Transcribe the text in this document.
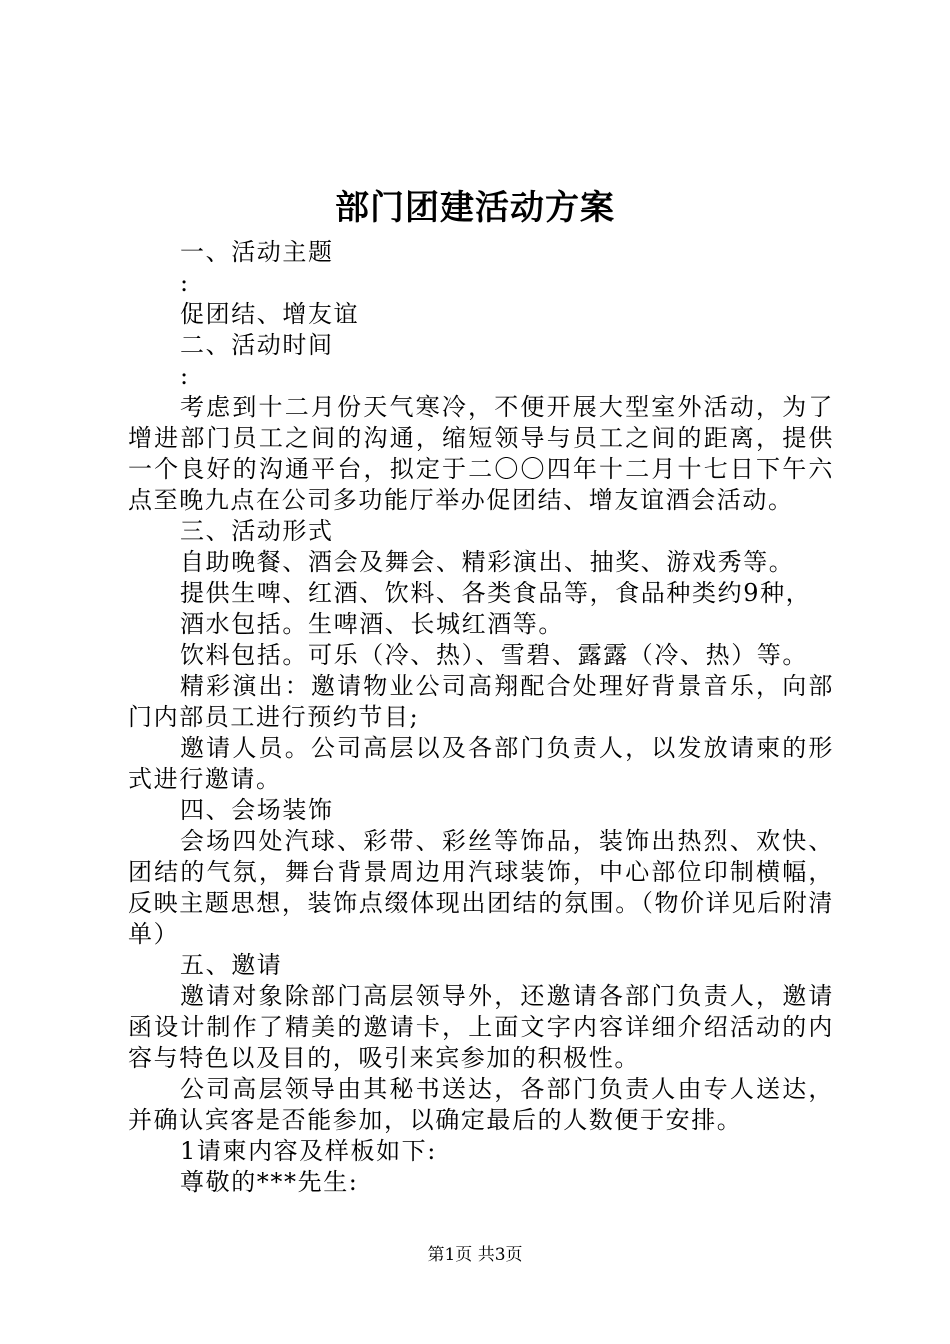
部门团建活动方案

一、活动主题

:

促团结、增友谊

二、活动时间

:

考虑到十二月份天气寒冷，不便开展大型室外活动，为了增进部门员工之间的沟通，缩短领导与员工之间的距离，提供一个良好的沟通平台，拟定于二〇〇四年十二月十七日下午六点至晚九点在公司多功能厅举办促团结、增友谊酒会活动。

三、活动形式

自助晚餐、酒会及舞会、精彩演出、抽奖、游戏秀等。

提供生啤、红酒、饮料、各类食品等，食品种类约9种，

酒水包括。生啤酒、长城红酒等。

饮料包括。可乐（冷、热）、雪碧、露露（冷、热）等。

精彩演出：邀请物业公司高翔配合处理好背景音乐，向部门内部员工进行预约节目;

邀请人员。公司高层以及各部门负责人，以发放请柬的形式进行邀请。

四、会场装饰

会场四处汽球、彩带、彩丝等饰品，装饰出热烈、欢快、团结的气氛，舞台背景周边用汽球装饰，中心部位印制横幅，反映主题思想，装饰点缀体现出团结的氛围。（物价详见后附清单）

五、邀请

邀请对象除部门高层领导外，还邀请各部门负责人，邀请函设计制作了精美的邀请卡，上面文字内容详细介绍活动的内容与特色以及目的，吸引来宾参加的积极性。

公司高层领导由其秘书送达，各部门负责人由专人送达，并确认宾客是否能参加，以确定最后的人数便于安排。

1请柬内容及样板如下:

尊敬的***先生:

第1页 共3页
